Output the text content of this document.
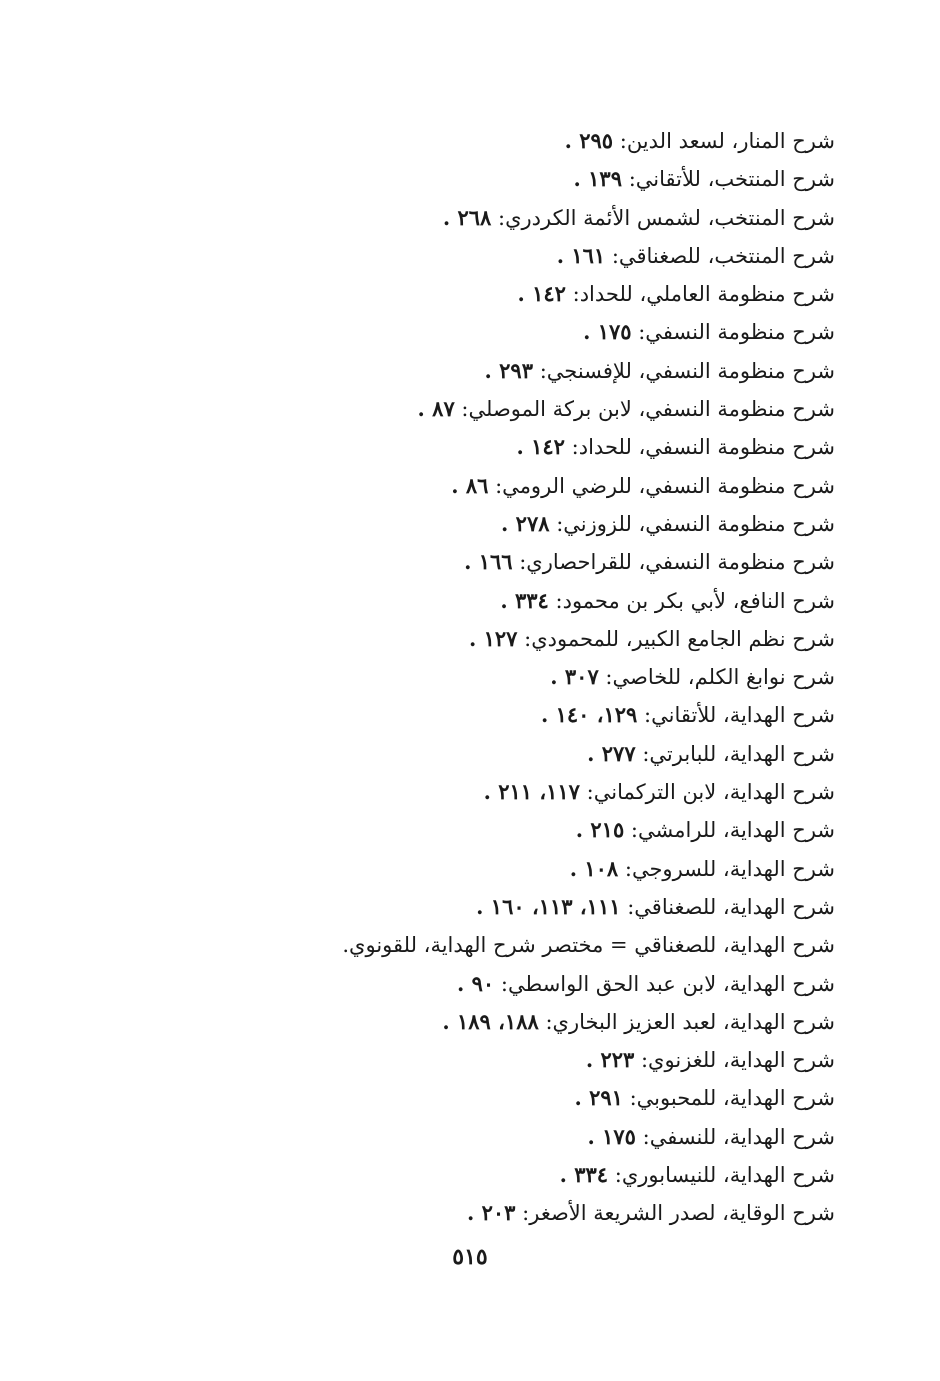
شرح المنار، لسعد الدين: ٢٩٥ .
شرح المنتخب، للأتقاني: ١٣٩ .
شرح المنتخب، لشمس الأئمة الكردري: ٢٦٨ .
شرح المنتخب، للصغناقي: ١٦١ .
شرح منظومة العاملي، للحداد: ١٤٢ .
شرح منظومة النسفي: ١٧٥ .
شرح منظومة النسفي، للإفسنجي: ٢٩٣ .
شرح منظومة النسفي، لابن بركة الموصلي: ٨٧ .
شرح منظومة النسفي، للحداد: ١٤٢ .
شرح منظومة النسفي، للرضي الرومي: ٨٦ .
شرح منظومة النسفي، للزوزني: ٢٧٨ .
شرح منظومة النسفي، للقراحصاري: ١٦٦ .
شرح النافع، لأبي بكر بن محمود: ٣٣٤ .
شرح نظم الجامع الكبير، للمحمودي: ١٢٧ .
شرح نوابغ الكلم، للخاصي: ٣٠٧ .
شرح الهداية، للأتقاني: ١٢٩، ١٤٠ .
شرح الهداية، للبابرتي: ٢٧٧ .
شرح الهداية، لابن التركماني: ١١٧، ٢١١ .
شرح الهداية، للرامشي: ٢١٥ .
شرح الهداية، للسروجي: ١٠٨ .
شرح الهداية، للصغناقي: ١١١، ١١٣، ١٦٠ .
شرح الهداية، للصغناقي = مختصر شرح الهداية، للقونوي.
شرح الهداية، لابن عبد الحق الواسطي: ٩٠ .
شرح الهداية، لعبد العزيز البخاري: ١٨٨، ١٨٩ .
شرح الهداية، للغزنوي: ٢٢٣ .
شرح الهداية، للمحبوبي: ٢٩١ .
شرح الهداية، للنسفي: ١٧٥ .
شرح الهداية، للنيسابوري: ٣٣٤ .
شرح الوقاية، لصدر الشريعة الأصغر: ٢٠٣ .
٥١٥
